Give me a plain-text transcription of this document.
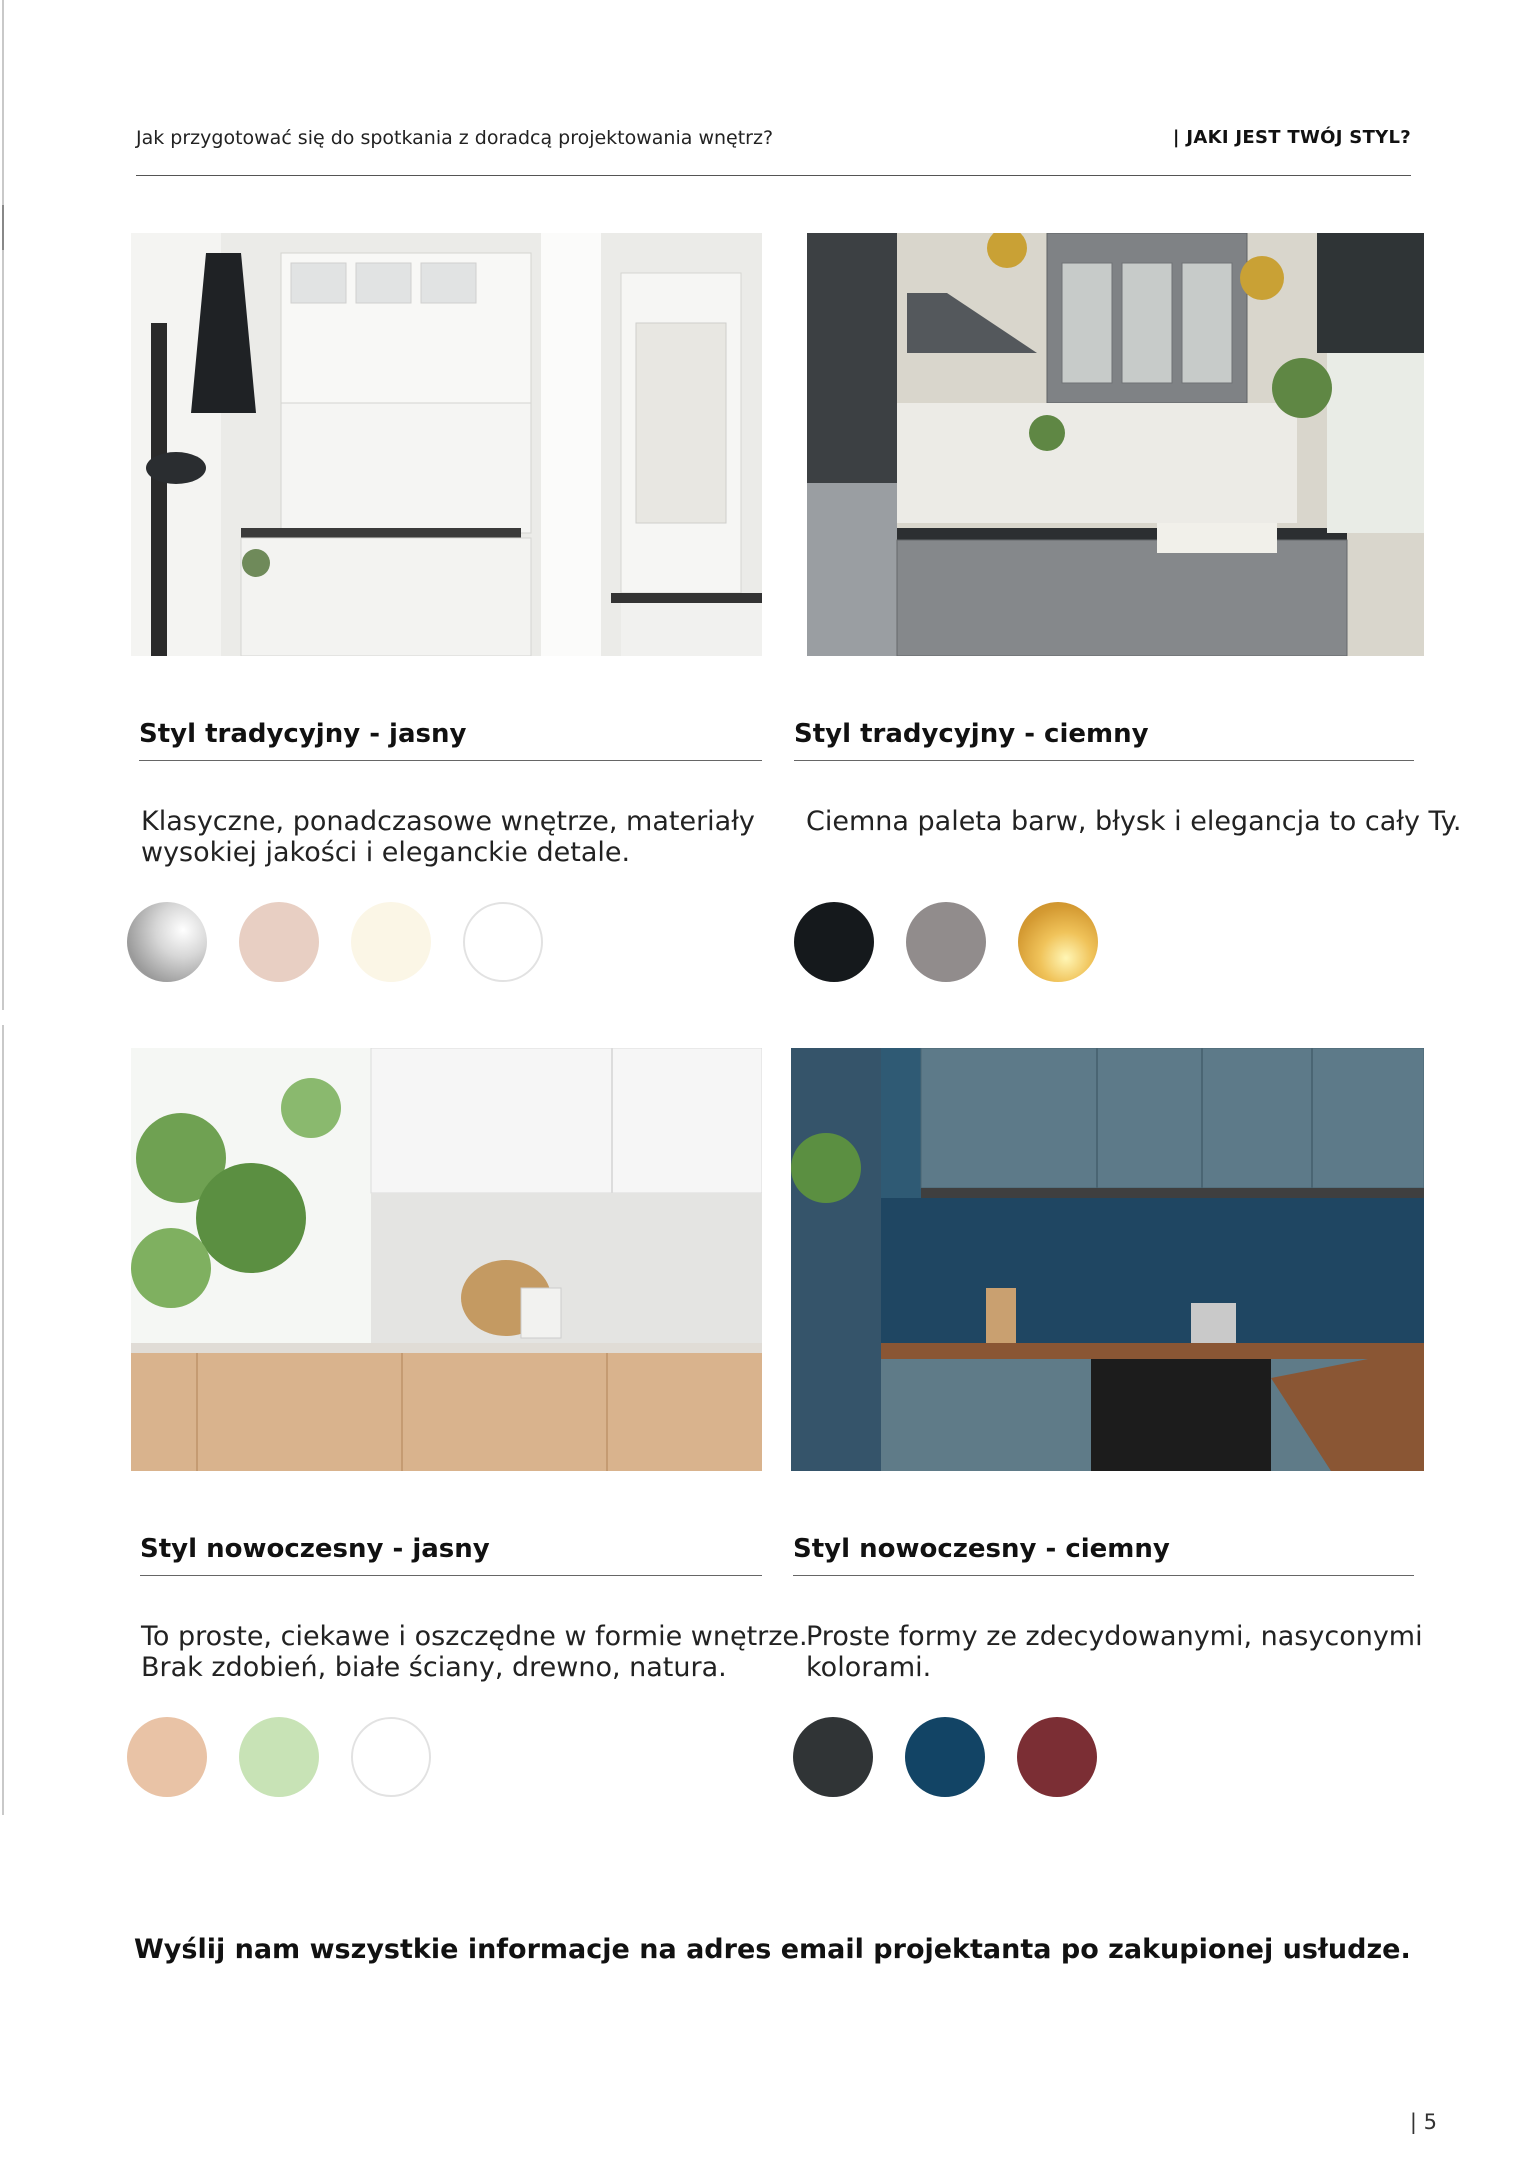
Jak przygotować się do spotkania z doradcą projektowania wnętrz?	| JAKI JEST TWÓJ STYL?
Styl tradycyjny - jasny
Klasyczne, ponadczasowe wnętrze, materiały
wysokiej jakości i eleganckie detale.
Styl tradycyjny - ciemny
Ciemna paleta barw, błysk i elegancja to cały Ty.
Styl nowoczesny - jasny
To proste, ciekawe i oszczędne w formie wnętrze.
Brak zdobień, białe ściany, drewno, natura.
Styl nowoczesny - ciemny
Proste formy ze zdecydowanymi, nasyconymi
kolorami.
Wyślij nam wszystkie informacje na adres email projektanta po zakupionej usłudze.
| 5
